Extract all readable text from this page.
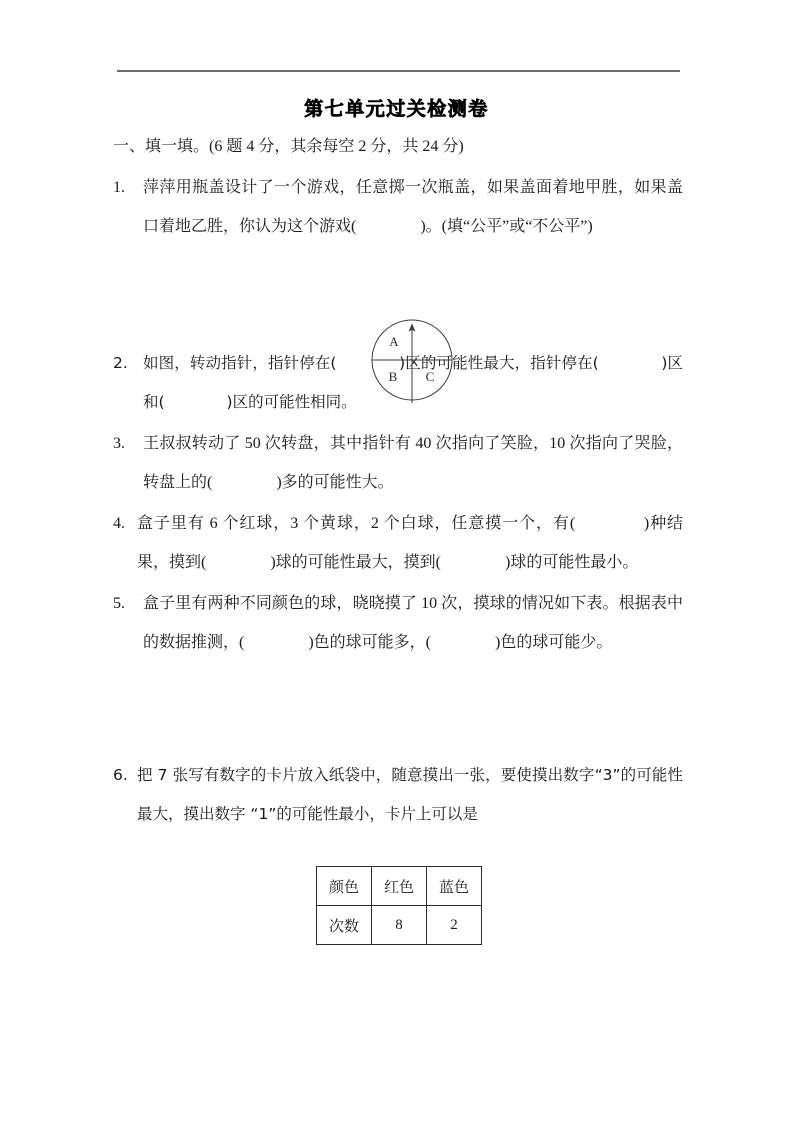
第七单元过关检测卷
一、填一填。(6 题 4 分，其余每空 2 分，共 24 分)
1.	萍萍用瓶盖设计了一个游戏，任意掷一次瓶盖，如果盖面着地甲胜，如果盖口着地乙胜，你认为这个游戏(　　　　)。(填“公平”或“不公平”)
2. 如图，转动指针，指针停在(　　　　)区的可能性最大，指针停在(　　　　)区和(　　　　)区的可能性相同。
3.	王叔叔转动了 50 次转盘，其中指针有 40 次指向了笑脸，10 次指向了哭脸，转盘上的(　　　　)多的可能性大。
4. 盒子里有 6 个红球，3 个黄球，2 个白球，任意摸一个，有(　　　　)种结果，摸到(　　　　)球的可能性最大，摸到(　　　　)球的可能性最小。
5.	盒子里有两种不同颜色的球，晓晓摸了 10 次，摸球的情况如下表。根据表中的数据推测，(　　　　)色的球可能多，(　　　　)色的球可能少。
6. 把 7 张写有数字的卡片放入纸袋中，随意摸出一张，要使摸出数字“3”的可能性最大，摸出数字 “1”的可能性最小，卡片上可以是
A
B C
颜色	红色	蓝色
次数	8	2
